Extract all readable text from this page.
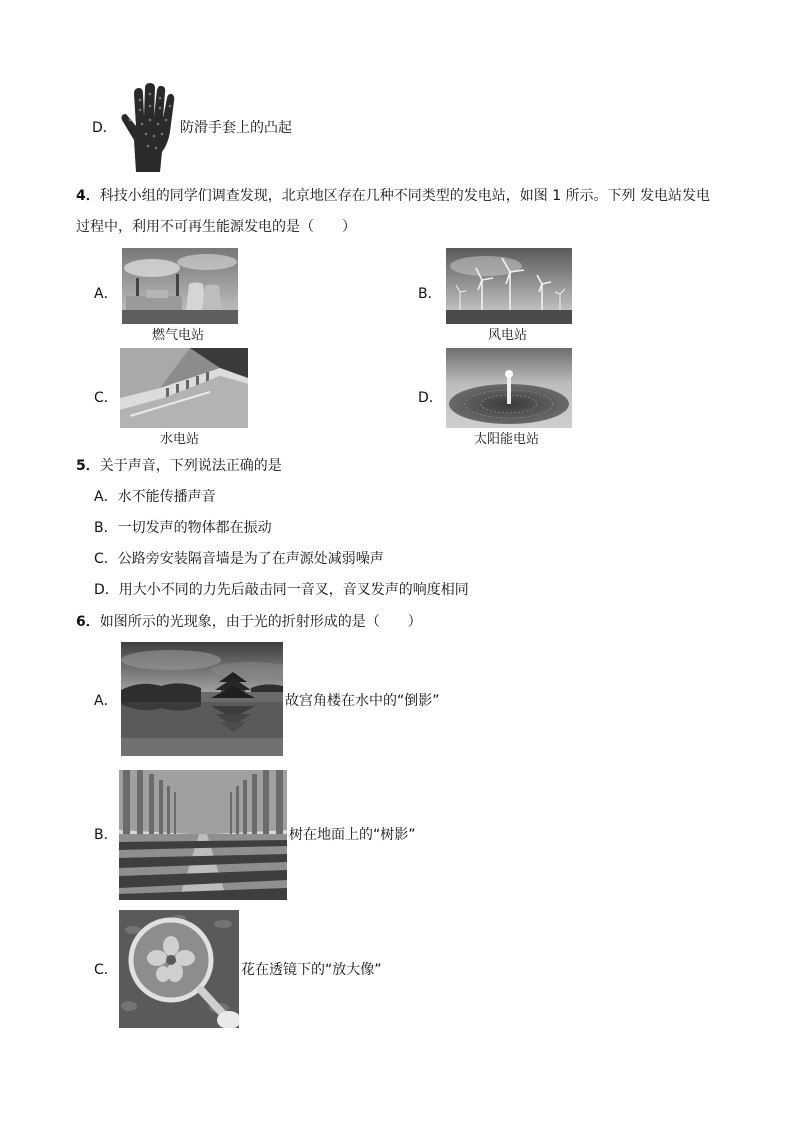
D．	防滑手套上的凸起
4．科技小组的同学们调查发现，北京地区存在几种不同类型的发电站，如图 1 所示。下列 发电站发电
过程中，利用不可再生能源发电的是（　　）
A．
燃气电站
B．
风电站
C．
水电站
D．
太阳能电站
5．关于声音，下列说法正确的是
A．水不能传播声音
B．一切发声的物体都在振动
C．公路旁安装隔音墙是为了在声源处减弱噪声
D．用大小不同的力先后敲击同一音叉，音叉发声的响度相同
6．如图所示的光现象，由于光的折射形成的是（　　）
A．	故宫角楼在水中的“倒影”
B．	树在地面上的“树影”
C．	花在透镜下的“放大像”
